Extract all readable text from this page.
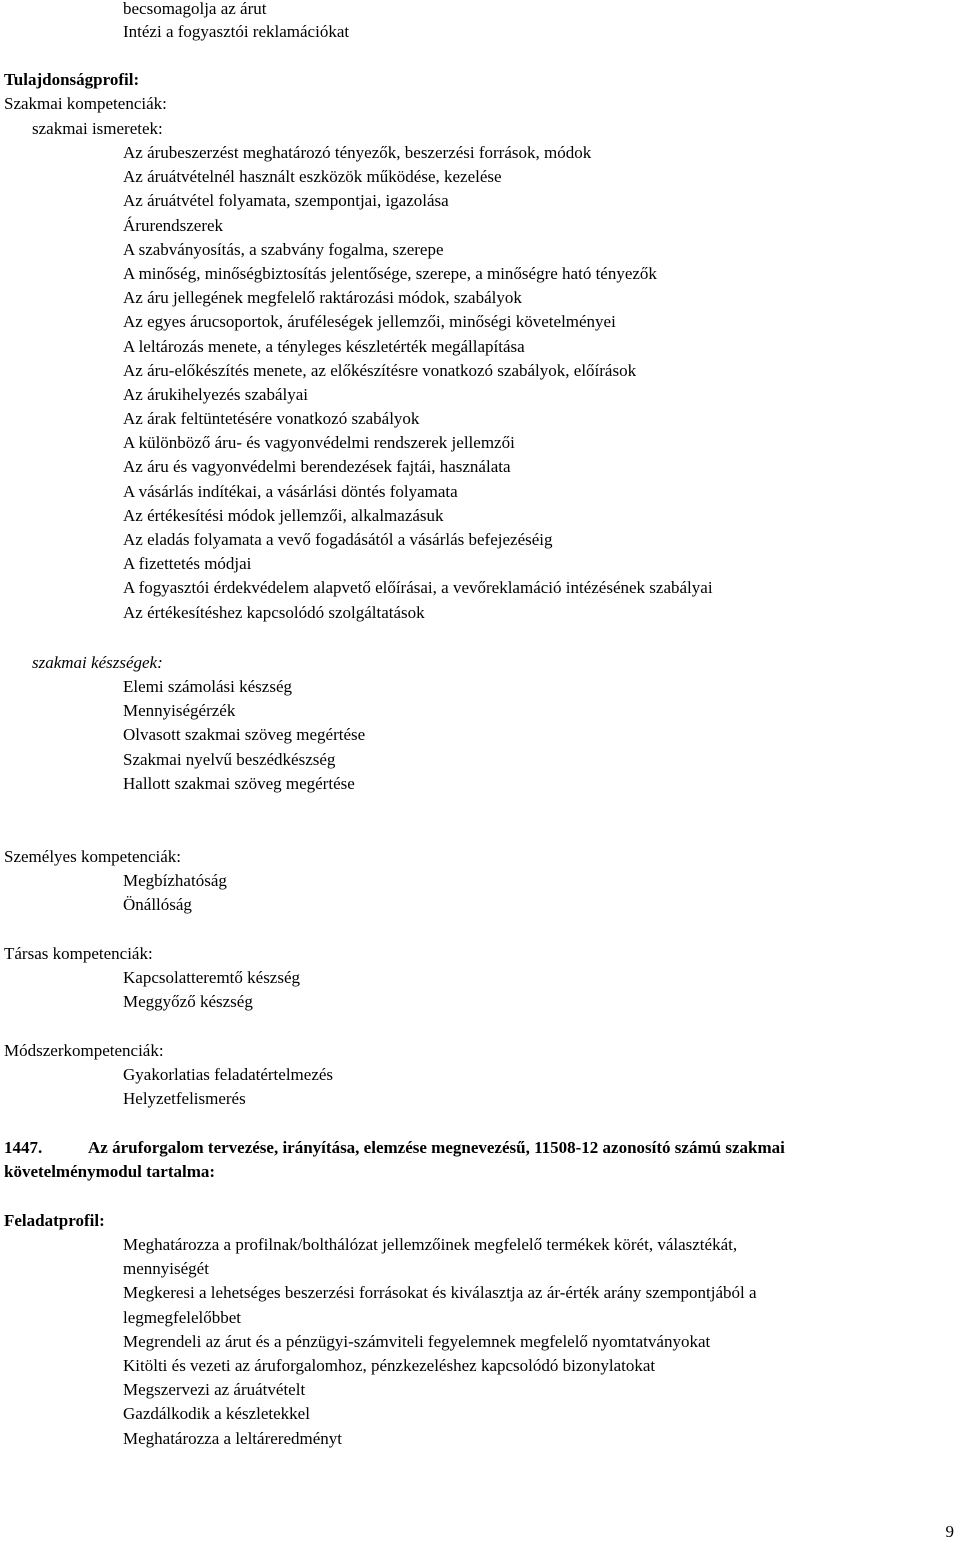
becsomagolja az árut
Intézi a fogyasztói reklamációkat
Tulajdonságprofil:
Szakmai kompetenciák:
szakmai ismeretek:
Az árubeszerzést meghatározó tényezők, beszerzési források, módok
Az áruátvételnél használt eszközök működése, kezelése
Az áruátvétel folyamata, szempontjai, igazolása
Árurendszerek
A szabványosítás, a szabvány fogalma, szerepe
A minőség, minőségbiztosítás jelentősége, szerepe, a minőségre ható tényezők
Az áru jellegének megfelelő raktározási módok, szabályok
Az egyes árucsoportok, áruféleségek jellemzői, minőségi követelményei
A leltározás menete, a tényleges készletérték megállapítása
Az áru-előkészítés menete, az előkészítésre vonatkozó szabályok, előírások
Az árukihelyezés szabályai
Az árak feltüntetésére vonatkozó szabályok
A különböző áru- és vagyonvédelmi rendszerek jellemzői
Az áru és vagyonvédelmi berendezések fajtái, használata
A vásárlás indítékai, a vásárlási döntés folyamata
Az értékesítési módok jellemzői, alkalmazásuk
Az eladás folyamata a vevő fogadásától a vásárlás befejezéséig
A fizettetés módjai
A fogyasztói érdekvédelem alapvető előírásai, a vevőreklamáció intézésének szabályai
Az értékesítéshez kapcsolódó szolgáltatások
szakmai készségek:
Elemi számolási készség
Mennyiségérzék
Olvasott szakmai szöveg megértése
Szakmai nyelvű beszédkészség
Hallott szakmai szöveg megértése
Személyes kompetenciák:
Megbízhatóság
Önállóság
Társas kompetenciák:
Kapcsolatteremtő készség
Meggyőző készség
Módszerkompetenciák:
Gyakorlatias feladatértelmezés
Helyzetfelismerés
1447.	Az áruforgalom tervezése, irányítása, elemzése megnevezésű, 11508-12 azonosító számú szakmai
követelménymodul tartalma:
Feladatprofil:
Meghatározza a profilnak/bolthálózat jellemzőinek megfelelő termékek körét, választékát,
mennyiségét
Megkeresi a lehetséges beszerzési forrásokat és kiválasztja az ár-érték arány szempontjából a
legmegfelelőbbet
Megrendeli az árut és a pénzügyi-számviteli fegyelemnek megfelelő nyomtatványokat
Kitölti és vezeti az áruforgalomhoz, pénzkezeléshez kapcsolódó bizonylatokat
Megszervezi az áruátvételt
Gazdálkodik a készletekkel
Meghatározza a leltáreredményt
9
